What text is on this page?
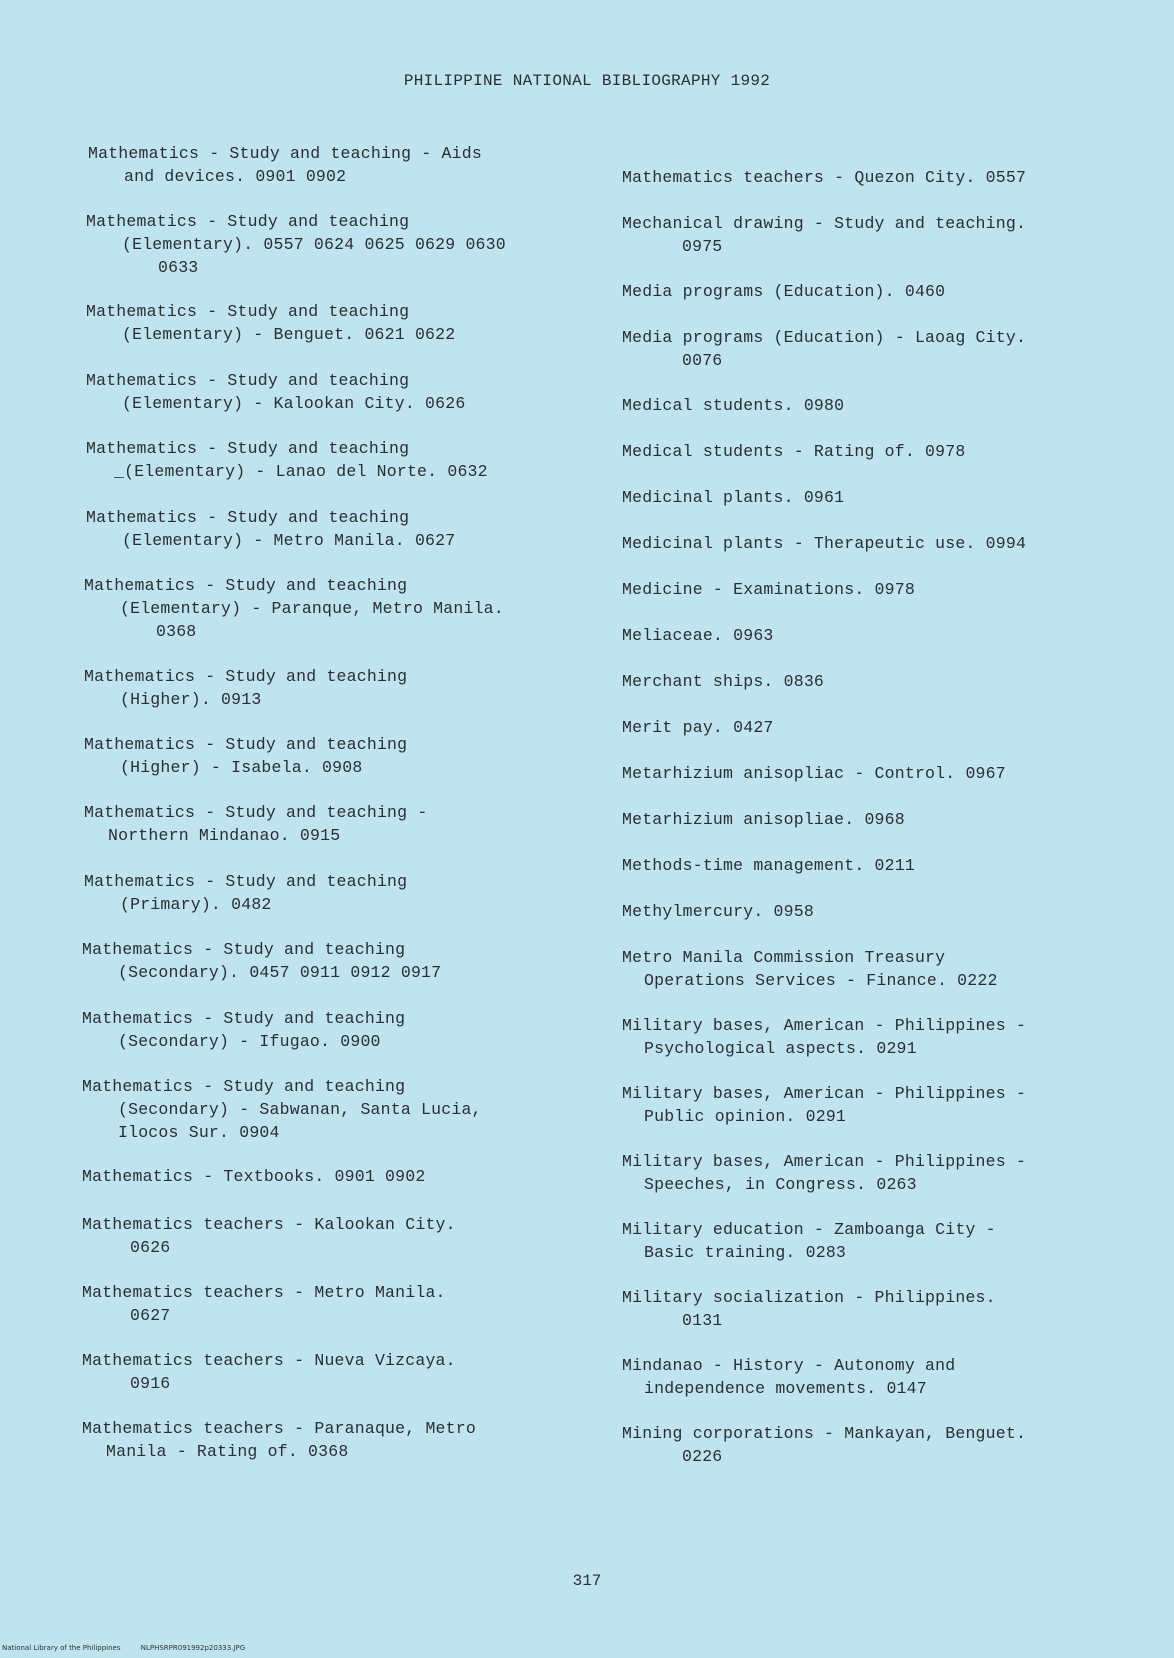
PHILIPPINE NATIONAL BIBLIOGRAPHY 1992
Mathematics - Study and teaching - Aids
and devices. 0901 0902
Mathematics - Study and teaching
(Elementary). 0557 0624 0625 0629 0630
0633
Mathematics - Study and teaching
(Elementary) - Benguet. 0621 0622
Mathematics - Study and teaching
(Elementary) - Kalookan City. 0626
Mathematics - Study and teaching
_(Elementary) - Lanao del Norte. 0632
Mathematics - Study and teaching
(Elementary) - Metro Manila. 0627
Mathematics - Study and teaching
(Elementary) - Paranque, Metro Manila.
0368
Mathematics - Study and teaching
(Higher). 0913
Mathematics - Study and teaching
(Higher) - Isabela. 0908
Mathematics - Study and teaching -
Northern Mindanao. 0915
Mathematics - Study and teaching
(Primary). 0482
Mathematics - Study and teaching
(Secondary). 0457 0911 0912 0917
Mathematics - Study and teaching
(Secondary) - Ifugao. 0900
Mathematics - Study and teaching
(Secondary) - Sabwanan, Santa Lucia,
Ilocos Sur. 0904
Mathematics - Textbooks. 0901 0902
Mathematics teachers - Kalookan City.
0626
Mathematics teachers - Metro Manila.
0627
Mathematics teachers - Nueva Vizcaya.
0916
Mathematics teachers - Paranaque, Metro
Manila - Rating of. 0368
Mathematics teachers - Quezon City. 0557
Mechanical drawing - Study and teaching.
0975
Media programs (Education). 0460
Media programs (Education) - Laoag City.
0076
Medical students. 0980
Medical students - Rating of. 0978
Medicinal plants. 0961
Medicinal plants - Therapeutic use. 0994
Medicine - Examinations. 0978
Meliaceae. 0963
Merchant ships. 0836
Merit pay. 0427
Metarhizium anisopliac - Control. 0967
Metarhizium anisopliae. 0968
Methods-time management. 0211
Methylmercury. 0958
Metro Manila Commission Treasury
Operations Services - Finance. 0222
Military bases, American - Philippines -
Psychological aspects. 0291
Military bases, American - Philippines -
Public opinion. 0291
Military bases, American - Philippines -
Speeches, in Congress. 0263
Military education - Zamboanga City -
Basic training. 0283
Military socialization - Philippines.
0131
Mindanao - History - Autonomy and
independence movements. 0147
Mining corporations - Mankayan, Benguet.
0226
317
National Library of the Philippines	NLPHSRPR091992p20333.JPG
